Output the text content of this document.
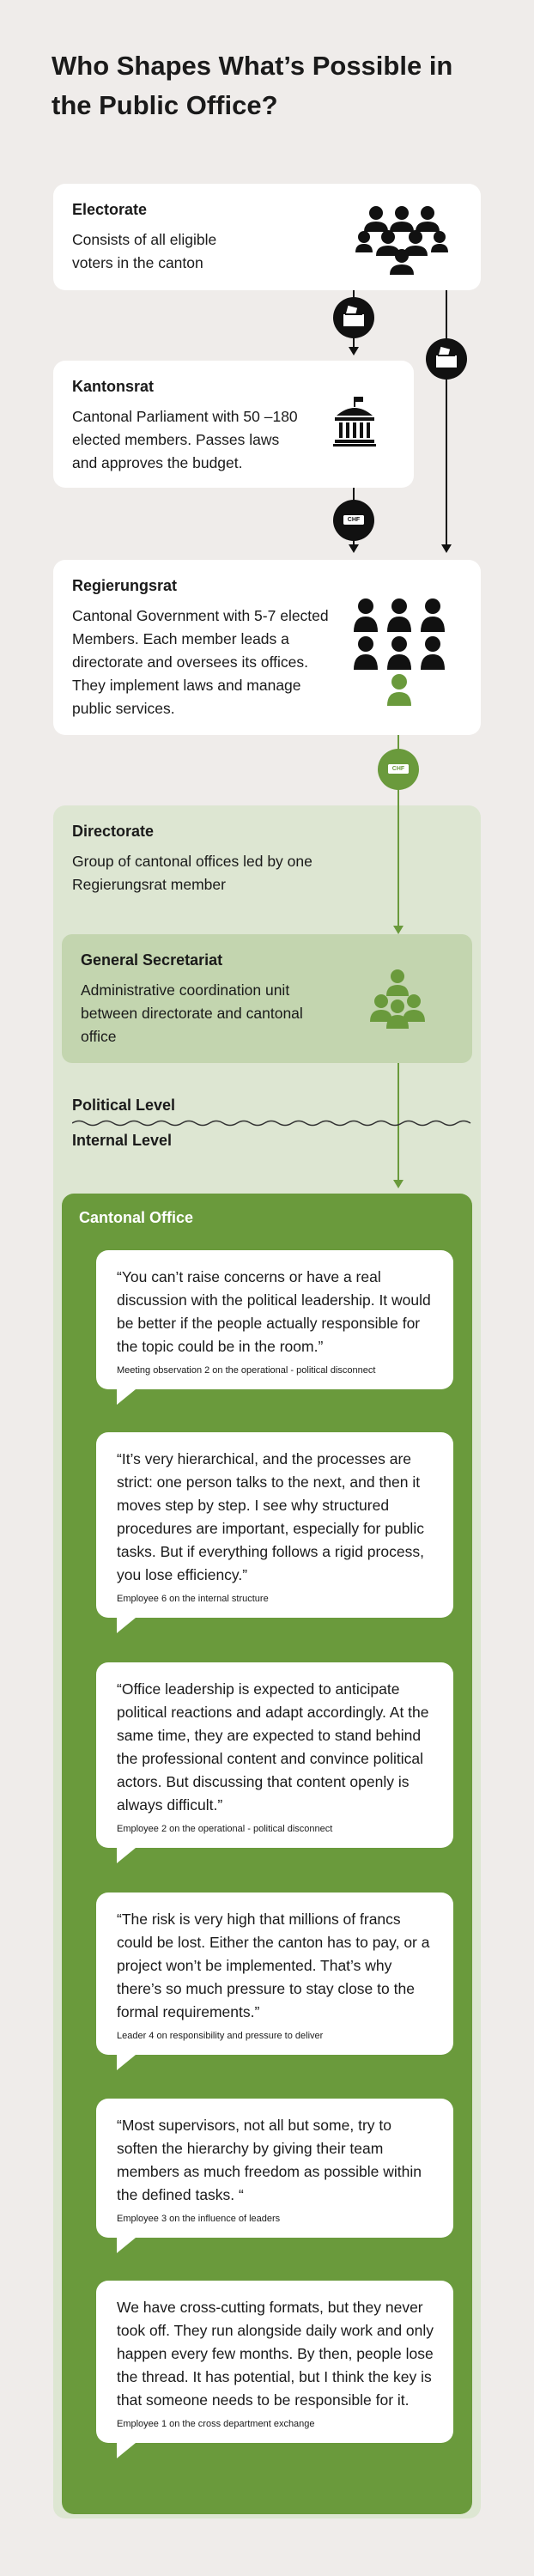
Who Shapes What’s Possible in the Public Office?
Electorate
Consists of all eligible voters in the canton
Kantonsrat
Cantonal Parliament with 50 –180 elected members. Passes laws and approves the budget.
CHF
Regierungsrat
Cantonal Government with 5-7 elected Members. Each member leads a directorate and oversees its offices. They implement laws and manage public services.
CHF
Directorate
Group of cantonal offices led by one Regierungsrat member
General Secretariat
Administrative coordination unit between directorate and cantonal office
Political Level
Internal Level
Cantonal Office
“You can’t raise concerns or have a real discussion with the political leadership. It would be better if the people actually responsible for the topic could be in the room.”
Meeting observation 2 on the operational - political disconnect
“It’s very hierarchical, and the processes are strict: one person talks to the next, and then it moves step by step. I see why structured procedures are important, especially for public tasks. But if everything follows a rigid process, you lose efficiency.”
Employee 6 on the internal structure
“Office leadership is expected to anticipate political reactions and adapt accordingly. At the same time, they are expected to stand behind the professional content and convince political actors. But discussing that content openly is always difficult.”
Employee 2 on the operational - political disconnect
“The risk is very high that millions of francs could be lost. Either the canton has to pay, or a project won’t be implemented. That’s why there’s so much pressure to stay close to the formal requirements.”
Leader 4 on responsibility and pressure to deliver
“Most supervisors, not all but some, try to soften the hierarchy by giving their team members as much freedom as possible within the defined tasks. “
Employee 3 on the influence of leaders
We have cross-cutting formats, but they never took off. They run alongside daily work and only happen every few months. By then, people lose the thread. It has potential, but I think the key is that someone needs to be responsible for it.
Employee 1 on the cross department exchange
